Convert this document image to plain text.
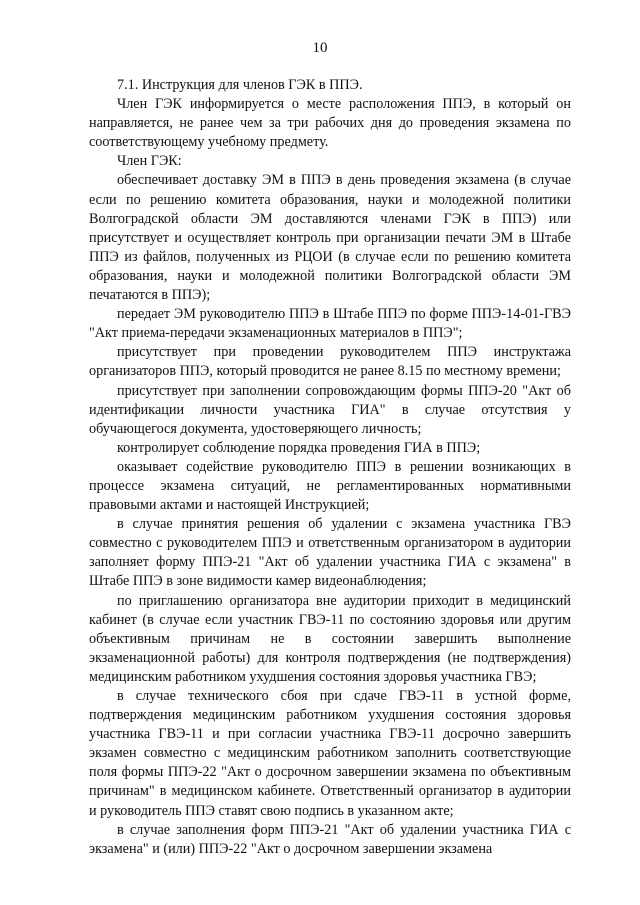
10

7.1. Инструкция для членов ГЭК в ППЭ.

Член ГЭК информируется о месте расположения ППЭ, в который он направляется, не ранее чем за три рабочих дня до проведения экзамена по соответствующему учебному предмету.

Член ГЭК:

обеспечивает доставку ЭМ в ППЭ в день проведения экзамена (в случае если по решению комитета образования, науки и молодежной политики Волгоградской области ЭМ доставляются членами ГЭК в ППЭ) или присутствует и осуществляет контроль при организации печати ЭМ в Штабе ППЭ из файлов, полученных из РЦОИ (в случае если по решению комитета образования, науки и молодежной политики Волгоградской области ЭМ печатаются в ППЭ);

передает ЭМ руководителю ППЭ в Штабе ППЭ по форме ППЭ-14-01-ГВЭ "Акт приема-передачи экзаменационных материалов в ППЭ";

присутствует при проведении руководителем ППЭ инструктажа организаторов ППЭ, который проводится не ранее 8.15 по местному времени;

присутствует при заполнении сопровождающим формы ППЭ-20 "Акт об идентификации личности участника ГИА" в случае отсутствия у обучающегося документа, удостоверяющего личность;

контролирует соблюдение порядка проведения ГИА в ППЭ;

оказывает содействие руководителю ППЭ в решении возникающих в процессе экзамена ситуаций, не регламентированных нормативными правовыми актами и настоящей Инструкцией;

в случае принятия решения об удалении с экзамена участника ГВЭ совместно с руководителем ППЭ и ответственным организатором в аудитории заполняет форму ППЭ-21 "Акт об удалении участника ГИА с экзамена" в Штабе ППЭ в зоне видимости камер видеонаблюдения;

по приглашению организатора вне аудитории приходит в медицинский кабинет (в случае если участник ГВЭ-11 по состоянию здоровья или другим объективным причинам не в состоянии завершить выполнение экзаменационной работы) для контроля подтверждения (не подтверждения) медицинским работником ухудшения состояния здоровья участника ГВЭ;

в случае технического сбоя при сдаче ГВЭ-11 в устной форме, подтверждения медицинским работником ухудшения состояния здоровья участника ГВЭ-11 и при согласии участника ГВЭ-11 досрочно завершить экзамен совместно с медицинским работником заполнить соответствующие поля формы ППЭ-22 "Акт о досрочном завершении экзамена по объективным причинам" в медицинском кабинете. Ответственный организатор в аудитории и руководитель ППЭ ставят свою подпись в указанном акте;

в случае заполнения форм ППЭ-21 "Акт об удалении участника ГИА с экзамена" и (или) ППЭ-22 "Акт о досрочном завершении экзамена
